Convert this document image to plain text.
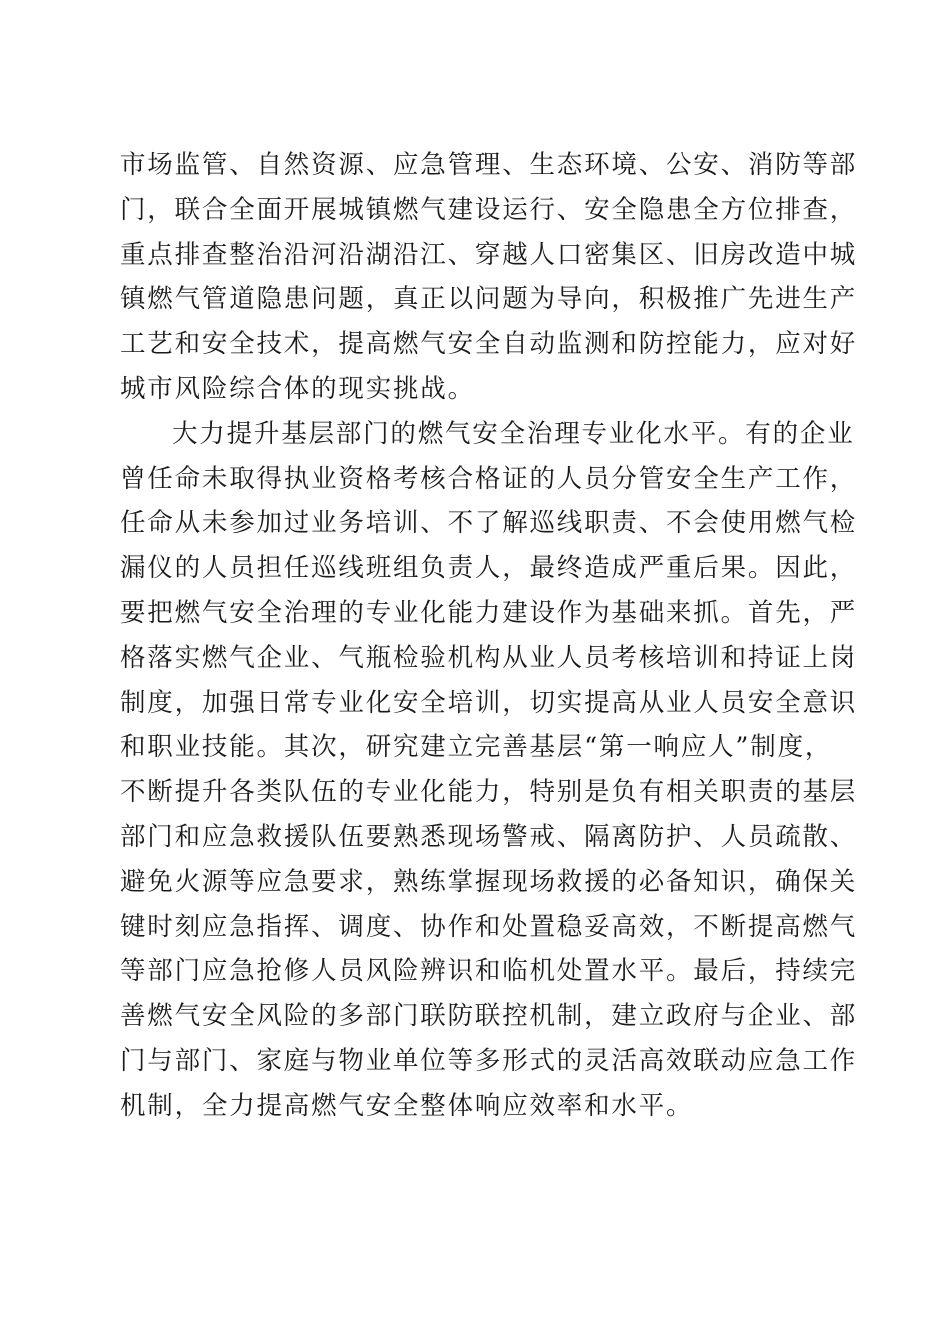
市场监管、自然资源、应急管理、生态环境、公安、消防等部
门，联合全面开展城镇燃气建设运行、安全隐患全方位排查，
重点排查整治沿河沿湖沿江、穿越人口密集区、旧房改造中城
镇燃气管道隐患问题，真正以问题为导向，积极推广先进生产
工艺和安全技术，提高燃气安全自动监测和防控能力，应对好
城市风险综合体的现实挑战。
大力提升基层部门的燃气安全治理专业化水平。有的企业
曾任命未取得执业资格考核合格证的人员分管安全生产工作，
任命从未参加过业务培训、不了解巡线职责、不会使用燃气检
漏仪的人员担任巡线班组负责人，最终造成严重后果。因此，
要把燃气安全治理的专业化能力建设作为基础来抓。首先，严
格落实燃气企业、气瓶检验机构从业人员考核培训和持证上岗
制度，加强日常专业化安全培训，切实提高从业人员安全意识
和职业技能。其次，研究建立完善基层“第一响应人”制度，
不断提升各类队伍的专业化能力，特别是负有相关职责的基层
部门和应急救援队伍要熟悉现场警戒、隔离防护、人员疏散、
避免火源等应急要求，熟练掌握现场救援的必备知识，确保关
键时刻应急指挥、调度、协作和处置稳妥高效，不断提高燃气
等部门应急抢修人员风险辨识和临机处置水平。最后，持续完
善燃气安全风险的多部门联防联控机制，建立政府与企业、部
门与部门、家庭与物业单位等多形式的灵活高效联动应急工作
机制，全力提高燃气安全整体响应效率和水平。
